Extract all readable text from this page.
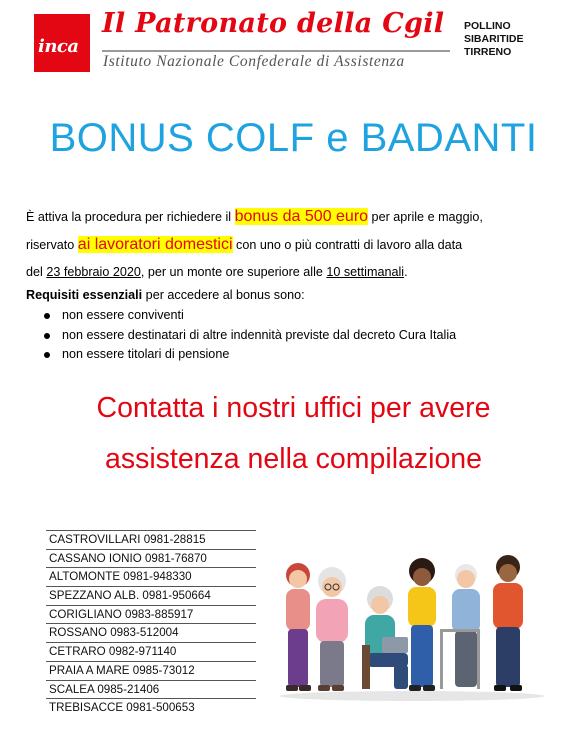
inca
Il Patronato della Cgil
Istituto Nazionale Confederale di Assistenza
POLLINO
SIBARITIDE
TIRRENO
BONUS COLF e BADANTI
È attiva la procedura per richiedere il bonus da 500 euro per aprile e maggio,
riservato ai lavoratori domestici con uno o più contratti di lavoro alla data
del 23 febbraio 2020, per un monte ore superiore alle 10 settimanali.
Requisiti essenziali per accedere al bonus sono:
non essere conviventi
non essere destinatari di altre indennità previste dal decreto Cura Italia
non essere titolari di pensione
Contatta i nostri uffici per avere
assistenza nella compilazione
CASTROVILLARI 0981-28815
CASSANO IONIO 0981-76870
ALTOMONTE 0981-948330
SPEZZANO ALB. 0981-950664
CORIGLIANO 0983-885917
ROSSANO 0983-512004
CETRARO 0982-971140
PRAIA A MARE 0985-73012
SCALEA 0985-21406
TREBISACCE 0981-500653
